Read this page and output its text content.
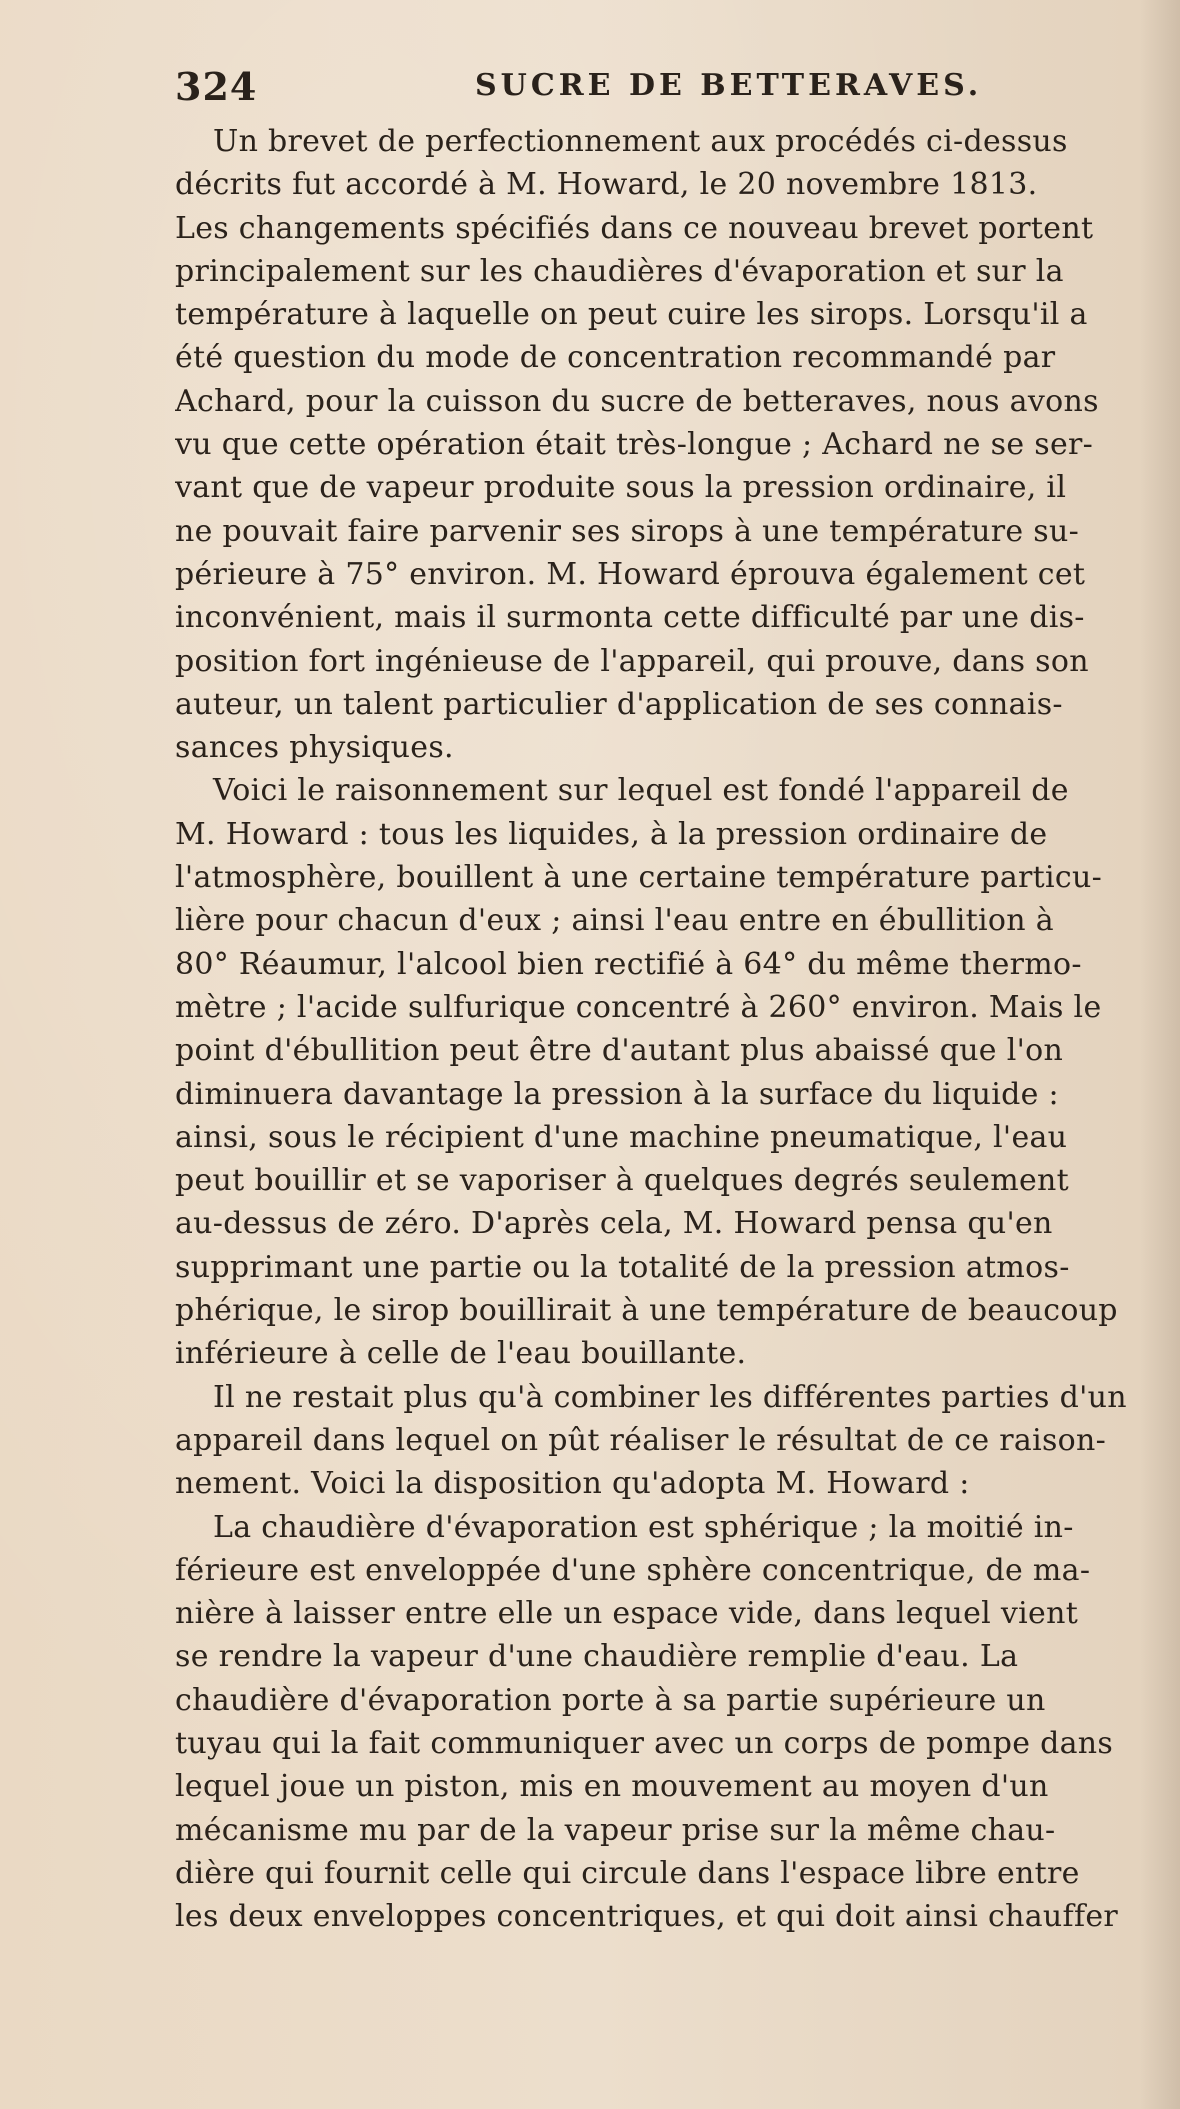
324	SUCRE DE BETTERAVES.
Un brevet de perfectionnement aux procédés ci-dessus
décrits fut accordé à M. Howard, le 20 novembre 1813.
Les changements spécifiés dans ce nouveau brevet portent
principalement sur les chaudières d'évaporation et sur la
température à laquelle on peut cuire les sirops. Lorsqu'il a
été question du mode de concentration recommandé par
Achard, pour la cuisson du sucre de betteraves, nous avons
vu que cette opération était très-longue ; Achard ne se ser-
vant que de vapeur produite sous la pression ordinaire, il
ne pouvait faire parvenir ses sirops à une température su-
périeure à 75° environ. M. Howard éprouva également cet
inconvénient, mais il surmonta cette difficulté par une dis-
position fort ingénieuse de l'appareil, qui prouve, dans son
auteur, un talent particulier d'application de ses connais-
sances physiques.
Voici le raisonnement sur lequel est fondé l'appareil de
M. Howard : tous les liquides, à la pression ordinaire de
l'atmosphère, bouillent à une certaine température particu-
lière pour chacun d'eux ; ainsi l'eau entre en ébullition à
80° Réaumur, l'alcool bien rectifié à 64° du même thermo-
mètre ; l'acide sulfurique concentré à 260° environ. Mais le
point d'ébullition peut être d'autant plus abaissé que l'on
diminuera davantage la pression à la surface du liquide :
ainsi, sous le récipient d'une machine pneumatique, l'eau
peut bouillir et se vaporiser à quelques degrés seulement
au-dessus de zéro. D'après cela, M. Howard pensa qu'en
supprimant une partie ou la totalité de la pression atmos-
phérique, le sirop bouillirait à une température de beaucoup
inférieure à celle de l'eau bouillante.
Il ne restait plus qu'à combiner les différentes parties d'un
appareil dans lequel on pût réaliser le résultat de ce raison-
nement. Voici la disposition qu'adopta M. Howard :
La chaudière d'évaporation est sphérique ; la moitié in-
férieure est enveloppée d'une sphère concentrique, de ma-
nière à laisser entre elle un espace vide, dans lequel vient
se rendre la vapeur d'une chaudière remplie d'eau. La
chaudière d'évaporation porte à sa partie supérieure un
tuyau qui la fait communiquer avec un corps de pompe dans
lequel joue un piston, mis en mouvement au moyen d'un
mécanisme mu par de la vapeur prise sur la même chau-
dière qui fournit celle qui circule dans l'espace libre entre
les deux enveloppes concentriques, et qui doit ainsi chauffer
